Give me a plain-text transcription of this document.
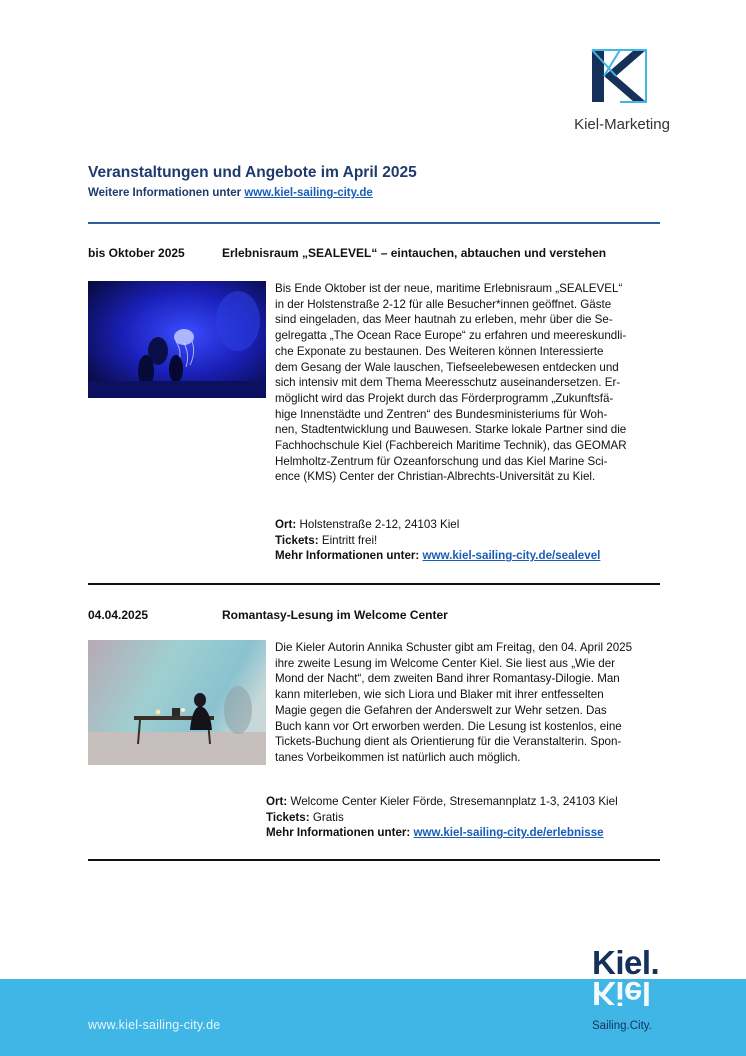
Kiel-Marketing
Veranstaltungen und Angebote im April 2025
Weitere Informationen unter www.kiel-sailing-city.de
bis Oktober 2025	Erlebnisraum „SEALEVEL“ – eintauchen, abtauchen und verstehen
Bis Ende Oktober ist der neue, maritime Erlebnisraum „SEALEVEL“
in der Holstenstraße 2-12 für alle Besucher*innen geöffnet. Gäste
sind eingeladen, das Meer hautnah zu erleben, mehr über die Se-
gelregatta „The Ocean Race Europe“ zu erfahren und meereskundli-
che Exponate zu bestaunen. Des Weiteren können Interessierte
dem Gesang der Wale lauschen, Tiefseelebewesen entdecken und
sich intensiv mit dem Thema Meeresschutz auseinandersetzen. Er-
möglicht wird das Projekt durch das Förderprogramm „Zukunftsfä-
hige Innenstädte und Zentren“ des Bundesministeriums für Woh-
nen, Stadtentwicklung und Bauwesen. Starke lokale Partner sind die
Fachhochschule Kiel (Fachbereich Maritime Technik), das GEOMAR
Helmholtz-Zentrum für Ozeanforschung und das Kiel Marine Sci-
ence (KMS) Center der Christian-Albrechts-Universität zu Kiel.
Ort: Holstenstraße 2-12, 24103 Kiel
Tickets: Eintritt frei!
Mehr Informationen unter: www.kiel-sailing-city.de/sealevel
04.04.2025	Romantasy-Lesung im Welcome Center
Die Kieler Autorin Annika Schuster gibt am Freitag, den 04. April 2025
ihre zweite Lesung im Welcome Center Kiel. Sie liest aus „Wie der
Mond der Nacht“, dem zweiten Band ihrer Romantasy-Dilogie. Man
kann miterleben, wie sich Liora und Blaker mit ihrer entfesselten
Magie gegen die Gefahren der Anderswelt zur Wehr setzen. Das
Buch kann vor Ort erworben werden. Die Lesung ist kostenlos, eine
Tickets-Buchung dient als Orientierung für die Veranstalterin. Spon-
tanes Vorbeikommen ist natürlich auch möglich.
Ort: Welcome Center Kieler Förde, Stresemannplatz 1-3, 24103 Kiel
Tickets: Gratis
Mehr Informationen unter: www.kiel-sailing-city.de/erlebnisse
www.kiel-sailing-city.de
Kiel.
Kiel
Sailing.City.
